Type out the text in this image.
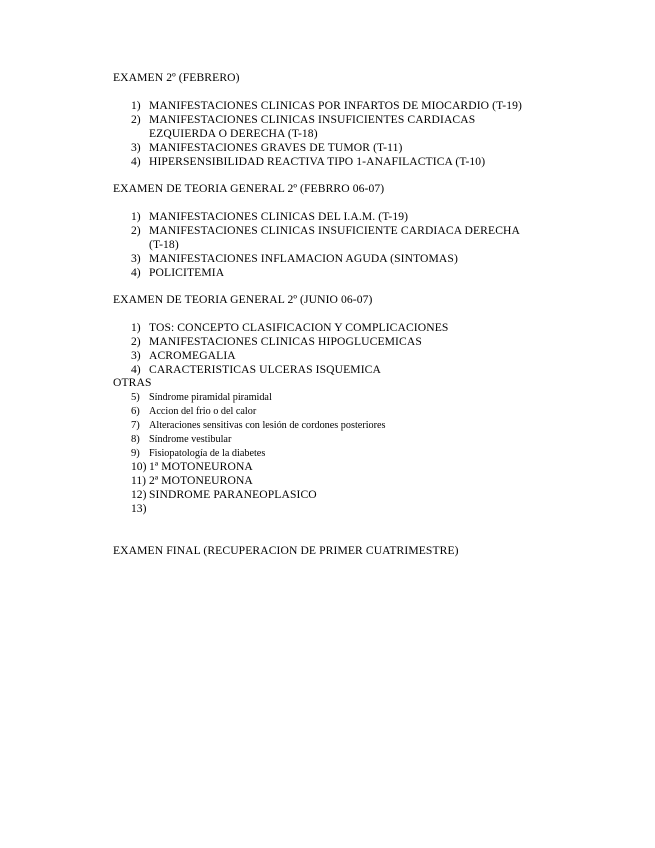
EXAMEN 2º (FEBRERO)
1) MANIFESTACIONES CLINICAS POR INFARTOS DE MIOCARDIO (T-19)
2) MANIFESTACIONES CLINICAS INSUFICIENTES CARDIACAS
EZQUIERDA O DERECHA (T-18)
3) MANIFESTACIONES GRAVES DE TUMOR (T-11)
4) HIPERSENSIBILIDAD REACTIVA TIPO 1-ANAFILACTICA (T-10)
EXAMEN DE TEORIA GENERAL 2º (FEBRRO 06-07)
1) MANIFESTACIONES CLINICAS DEL I.A.M. (T-19)
2) MANIFESTACIONES CLINICAS INSUFICIENTE CARDIACA DERECHA
(T-18)
3) MANIFESTACIONES INFLAMACION AGUDA (SINTOMAS)
4) POLICITEMIA
EXAMEN DE TEORIA GENERAL 2º (JUNIO 06-07)
1) TOS: CONCEPTO CLASIFICACION Y COMPLICACIONES
2) MANIFESTACIONES CLINICAS HIPOGLUCEMICAS
3) ACROMEGALIA
4) CARACTERISTICAS ULCERAS ISQUEMICA
OTRAS
5) Síndrome piramidal piramidal
6) Accion del frio o del calor
7) Alteraciones sensitivas con lesión de cordones posteriores
8) Síndrome vestibular
9) Fisiopatología de la diabetes
10) 1ª MOTONEURONA
11) 2ª MOTONEURONA
12) SINDROME PARANEOPLASICO
13)
EXAMEN FINAL (RECUPERACION DE PRIMER CUATRIMESTRE)
